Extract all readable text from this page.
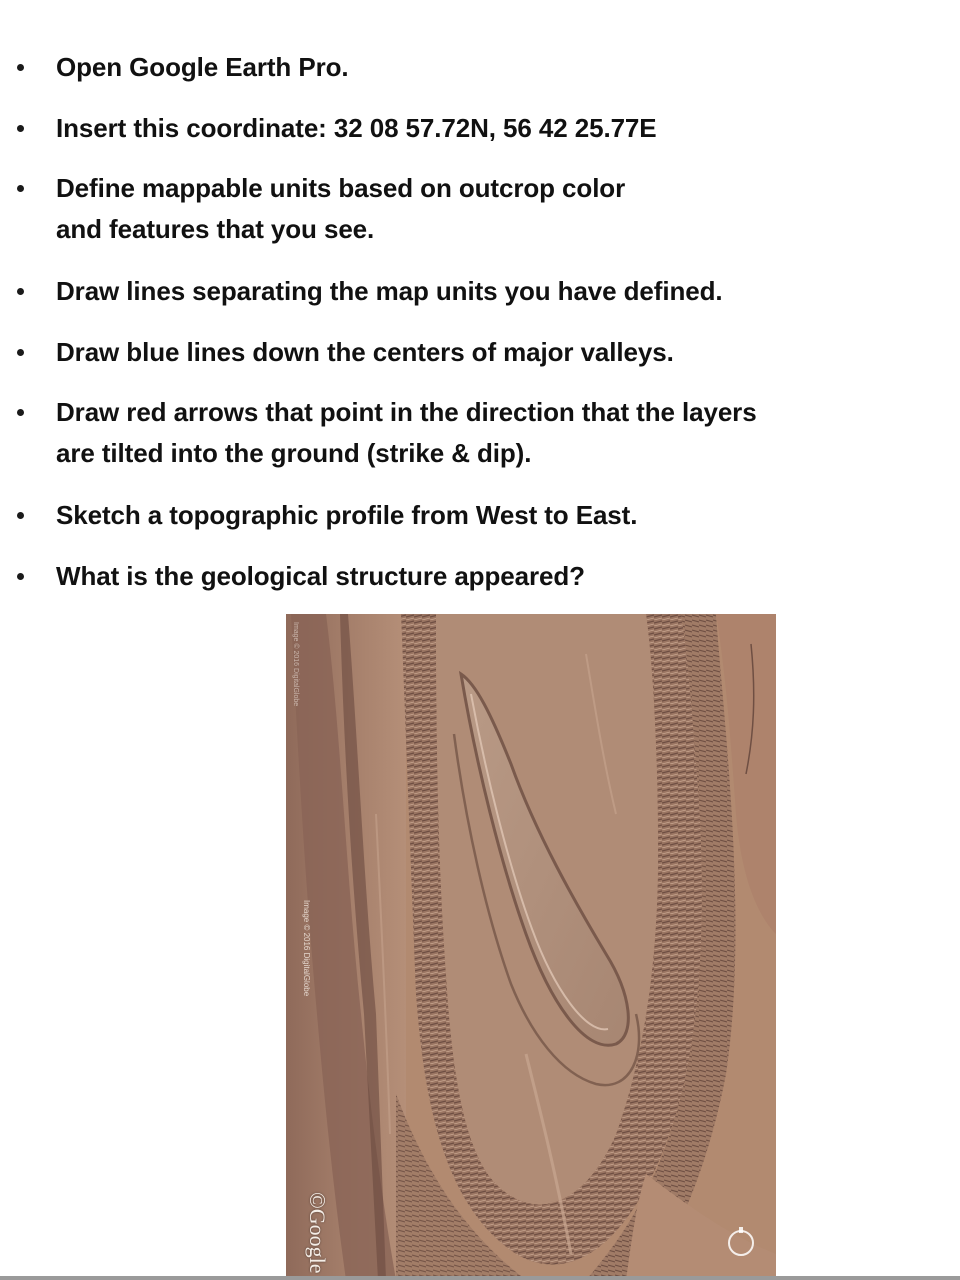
Open Google Earth Pro.
Insert this coordinate: 32 08 57.72N, 56 42 25.77E
Define mappable units based on outcrop color
and features that you see.
Draw lines separating the map units you have defined.
Draw blue lines down the centers of major valleys.
Draw red arrows that point in the direction that the layers
are tilted into the ground (strike & dip).
Sketch a topographic profile from West to East.
What is the geological structure appeared?
Image © 2016 DigitalGlobe
Image © 2016 DigitalGlobe
©Google
